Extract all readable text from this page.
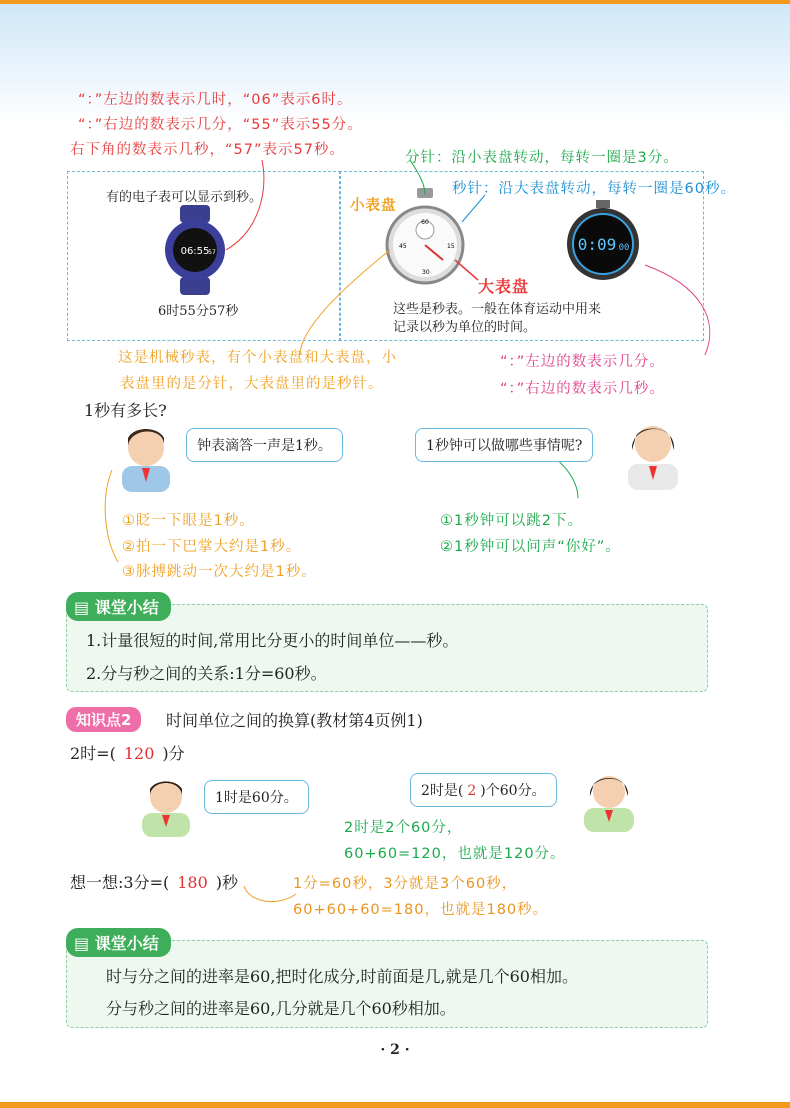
“：”左边的数表示几时，“06”表示6时。
“：”右边的数表示几分，“55”表示55分。
右下角的数表示几秒，“57”表示57秒。	分针：沿小表盘转动，每转一圈是3分。
秒针：沿大表盘转动，每转一圈是60秒。
有的电子表可以显示到秒。
06:55
57
6时55分57秒
小表盘
60
45	15
30
大表盘
0:09 00
这些是秒表。一般在体育运动中用来
记录以秒为单位的时间。
这是机械秒表，有个小表盘和大表盘，小
表盘里的是分针，大表盘里的是秒针。
“：”左边的数表示几分。
“：”右边的数表示几秒。
1秒有多长?
钟表滴答一声是1秒。	1秒钟可以做哪些事情呢?
①眨一下眼是1秒。
②拍一下巴掌大约是1秒。
③脉搏跳动一次大约是1秒。
①1秒钟可以跳2下。
②1秒钟可以问声“你好”。
▤ 课堂小结
1.计量很短的时间,常用比分更小的时间单位——秒。
2.分与秒之间的关系:1分=60秒。
知识点2	时间单位之间的换算(教材第4页例1)
2时=( 120 )分
1时是60分。	2时是( 2 )个60分。
2时是2个60分，
60+60=120，也就是120分。
想一想:3分=( 180 )秒	1分=60秒，3分就是3个60秒，
60+60+60=180，也就是180秒。
▤ 课堂小结
时与分之间的进率是60,把时化成分,时前面是几,就是几个60相加。
分与秒之间的进率是60,几分就是几个60秒相加。
· 2 ·
